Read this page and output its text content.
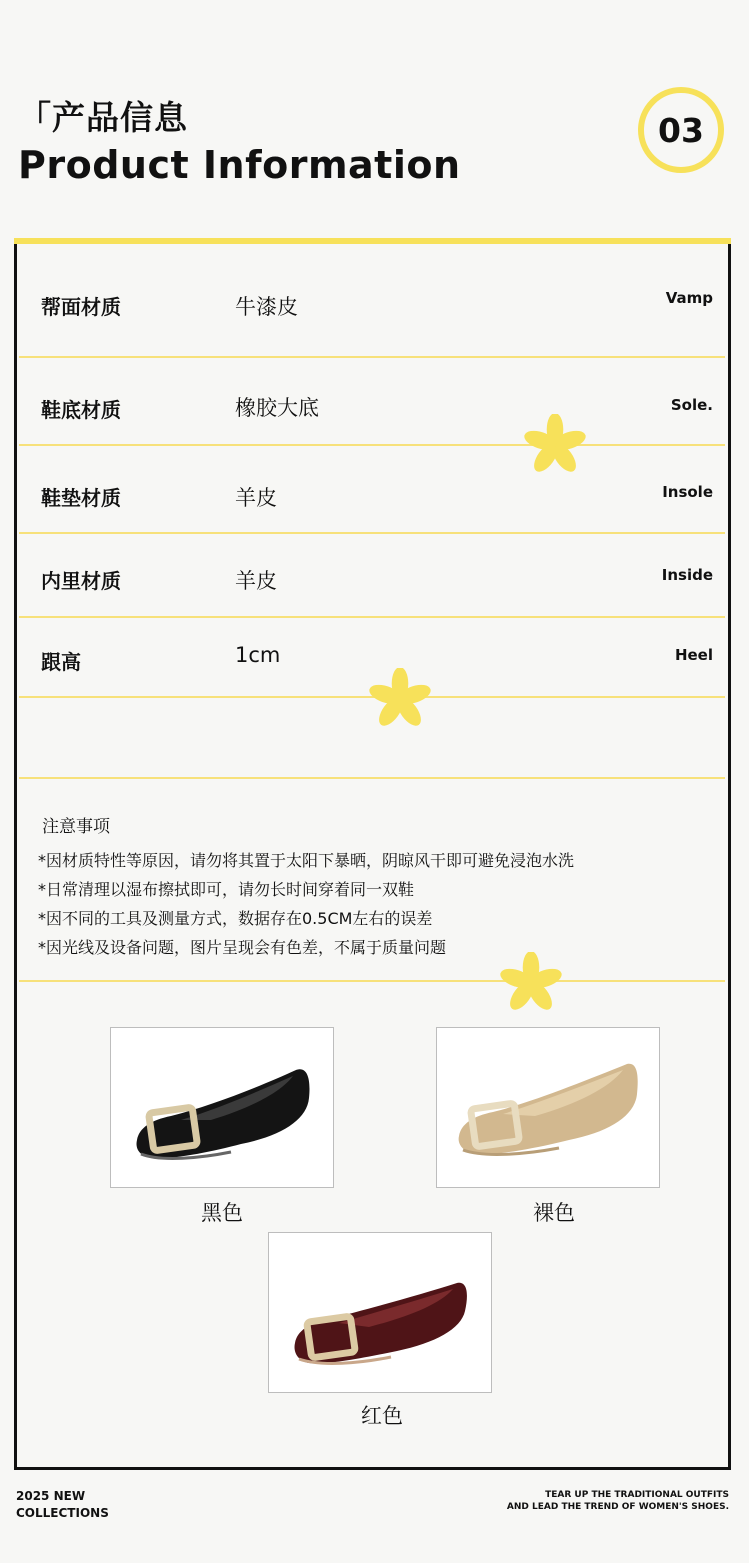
「产品信息
Product Information
03
帮面材质	牛漆皮	Vamp
鞋底材质	橡胶大底	Sole.
鞋垫材质	羊皮	Insole
内里材质	羊皮	Inside
跟高	1cm	Heel
注意事项
*因材质特性等原因，请勿将其置于太阳下暴晒，阴晾风干即可避免浸泡水洗
*日常清理以湿布擦拭即可，请勿长时间穿着同一双鞋
*因不同的工具及测量方式，数据存在0.5CM左右的误差
*因光线及设备问题，图片呈现会有色差，不属于质量问题
黑色	裸色
红色
2025 NEW
COLLECTIONS
TEAR UP THE TRADITIONAL OUTFITS
AND LEAD THE TREND OF WOMEN'S SHOES.
